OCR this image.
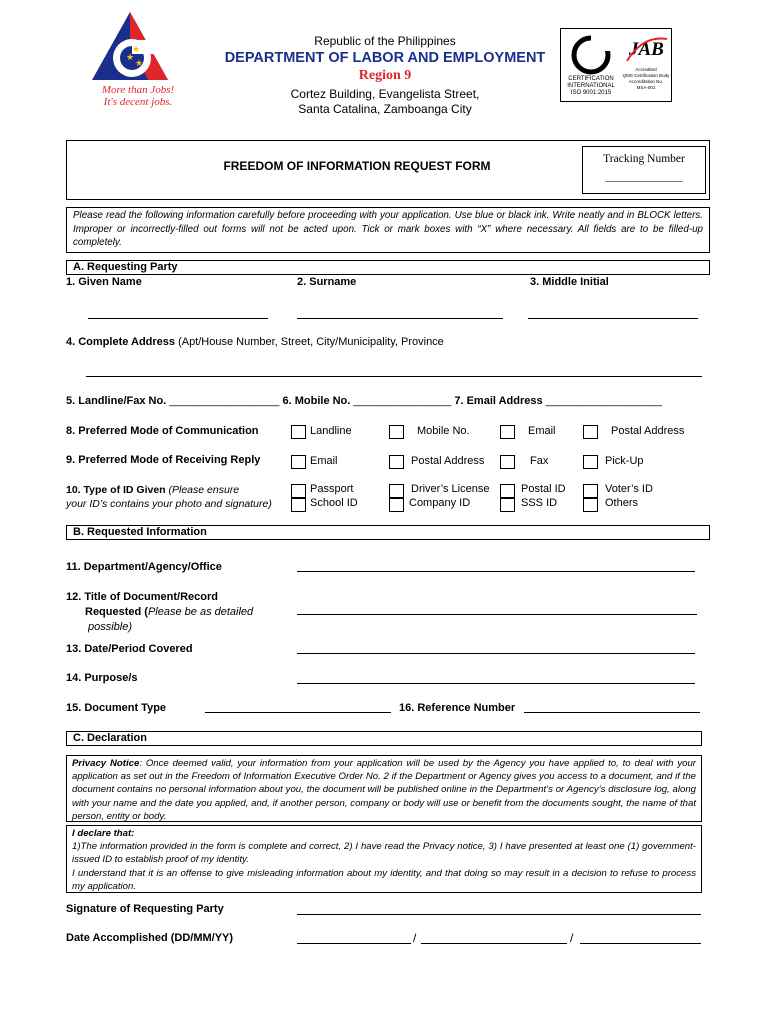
★
★
★
More than Jobs!
It's decent jobs.
Republic of the Philippines
DEPARTMENT OF LABOR AND EMPLOYMENT
Region 9
Cortez Building, Evangelista Street,
Santa Catalina, Zamboanga City
CERTIFICATION
INTERNATIONAL
ISO 9001:2015
JAB
Accredited
QMS Certification Body
Accreditation No.
MSA-001
FREEDOM OF INFORMATION REQUEST FORM	Tracking Number
______________
Please read the following information carefully before proceeding with your application. Use blue or black ink. Write neatly and in BLOCK letters. Improper or incorrectly-filled out forms will not be acted upon. Tick or mark boxes with “X” where necessary. All fields are to be filled-up completely.
A. Requesting Party
1. Given Name	2. Surname	3. Middle Initial
4. Complete Address (Apt/House Number, Street, City/Municipality, Province
5. Landline/Fax No. __________________ 6. Mobile No. ________________ 7. Email Address ___________________
8. Preferred Mode of Communication	Landline	Mobile No.	Email	Postal Address
9. Preferred Mode of Receiving Reply	Email	Postal Address	Fax	Pick-Up
10. Type of ID Given (Please ensure
your ID’s contains your photo and signature)
Passport	Driver’s License	Postal ID	Voter’s ID
School ID	Company ID	SSS ID	Others
B. Requested Information
11. Department/Agency/Office
12. Title of Document/Record
Requested (Please be as detailed
possible)
13. Date/Period Covered
14. Purpose/s
15. Document Type	16. Reference Number
C. Declaration
Privacy Notice: Once deemed valid, your information from your application will be used by the Agency you have applied to, to deal with your application as set out in the Freedom of Information Executive Order No. 2 if the Department or Agency gives you access to a document, and if the document contains no personal information about you, the document will be published online in the Department’s or Agency’s disclosure log, along with your name and the date you applied, and, if another person, company or body will use or benefit from the documents sought, the name of that person, entity or body.
I declare that:
1)The information provided in the form is complete and correct, 2) I have read the Privacy notice, 3) I have presented at least one (1) government-issued ID to establish proof of my identity.
I understand that it is an offense to give misleading information about my identity, and that doing so may result in a decision to refuse to process my application.
Signature of Requesting Party
Date Accomplished (DD/MM/YY)	/	/
